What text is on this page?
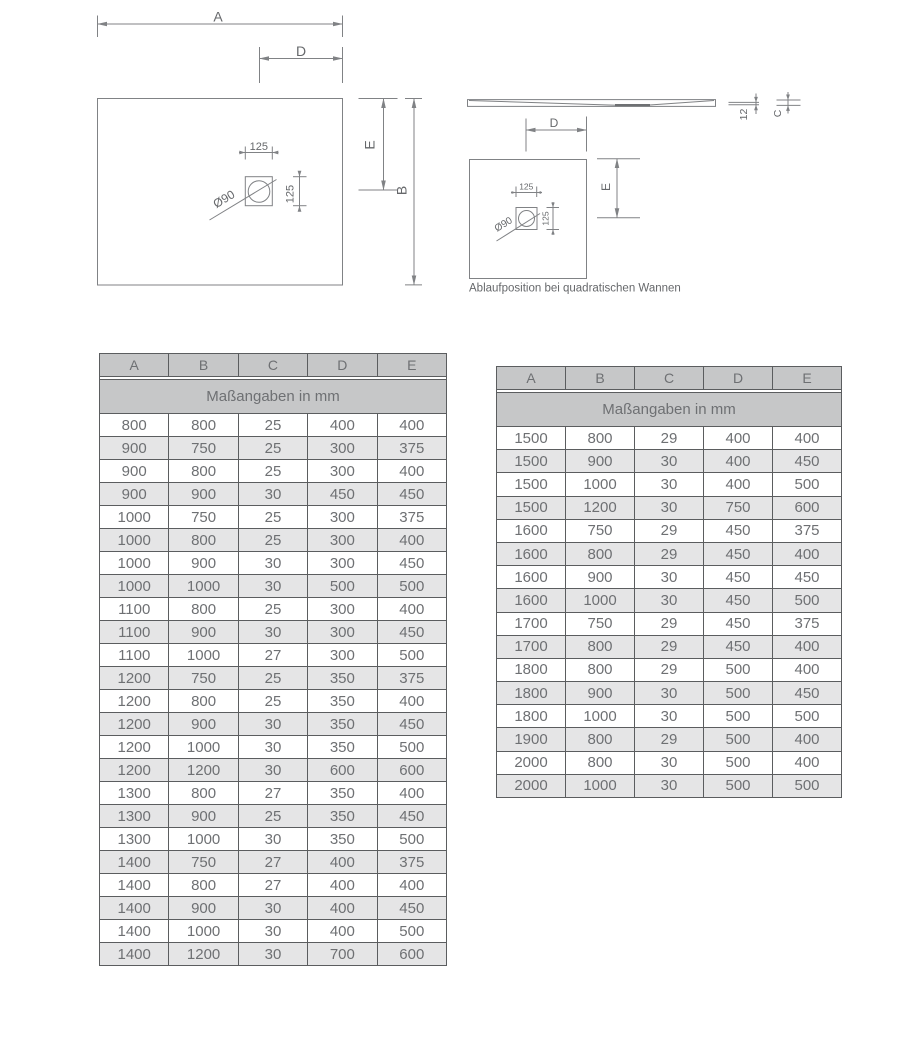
A
D
E
B
125
125
Ø90
12 C
D
E
125
125
Ø90
Ablaufposition bei quadratischen Wannen
A	B	C	D	E

Maßangaben in mm				
800	800	25	400	400
900	750	25	300	375
900	800	25	300	400
900	900	30	450	450
1000	750	25	300	375
1000	800	25	300	400
1000	900	30	300	450
1000	1000	30	500	500
1100	800	25	300	400
1100	900	30	300	450
1100	1000	27	300	500
1200	750	25	350	375
1200	800	25	350	400
1200	900	30	350	450
1200	1000	30	350	500
1200	1200	30	600	600
1300	800	27	350	400
1300	900	25	350	450
1300	1000	30	350	500
1400	750	27	400	375
1400	800	27	400	400
1400	900	30	400	450
1400	1000	30	400	500
1400	1200	30	700	600
A	B	C	D	E

Maßangaben in mm				
1500	800	29	400	400
1500	900	30	400	450
1500	1000	30	400	500
1500	1200	30	750	600
1600	750	29	450	375
1600	800	29	450	400
1600	900	30	450	450
1600	1000	30	450	500
1700	750	29	450	375
1700	800	29	450	400
1800	800	29	500	400
1800	900	30	500	450
1800	1000	30	500	500
1900	800	29	500	400
2000	800	30	500	400
2000	1000	30	500	500
